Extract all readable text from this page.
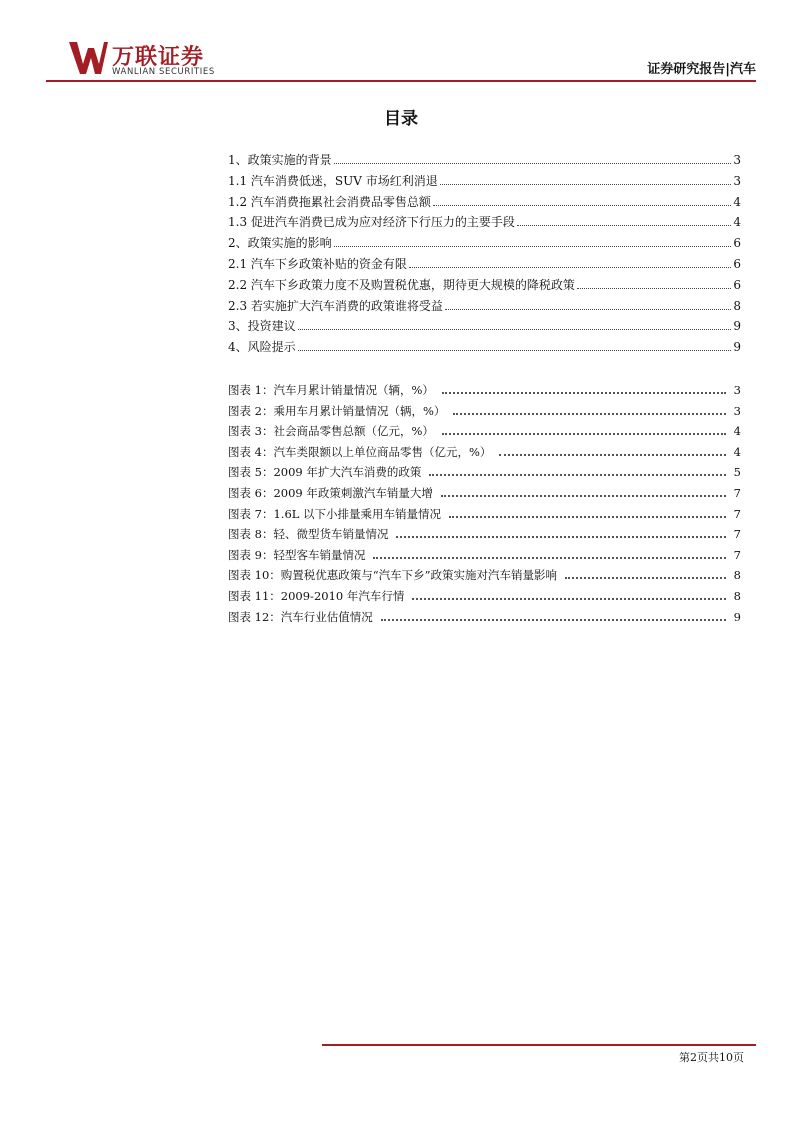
万联证券
WANLIAN SECURITIES	证券研究报告|汽车
目录
1、政策实施的背景	3
1.1 汽车消费低迷，SUV 市场红利消退	3
1.2 汽车消费拖累社会消费品零售总额	4
1.3 促进汽车消费已成为应对经济下行压力的主要手段	4
2、政策实施的影响	6
2.1 汽车下乡政策补贴的资金有限	6
2.2 汽车下乡政策力度不及购置税优惠，期待更大规模的降税政策	6
2.3 若实施扩大汽车消费的政策谁将受益	8
3、投资建议	9
4、风险提示	9
图表 1：汽车月累计销量情况（辆，%）	3
图表 2：乘用车月累计销量情况（辆，%）	3
图表 3：社会商品零售总额（亿元，%）	4
图表 4：汽车类限额以上单位商品零售（亿元，%）	4
图表 5：2009 年扩大汽车消费的政策	5
图表 6：2009 年政策刺激汽车销量大增	7
图表 7：1.6L 以下小排量乘用车销量情况	7
图表 8：轻、微型货车销量情况	7
图表 9：轻型客车销量情况	7
图表 10：购置税优惠政策与“汽车下乡”政策实施对汽车销量影响	8
图表 11：2009-2010 年汽车行情	8
图表 12：汽车行业估值情况	9
第2页共10页
